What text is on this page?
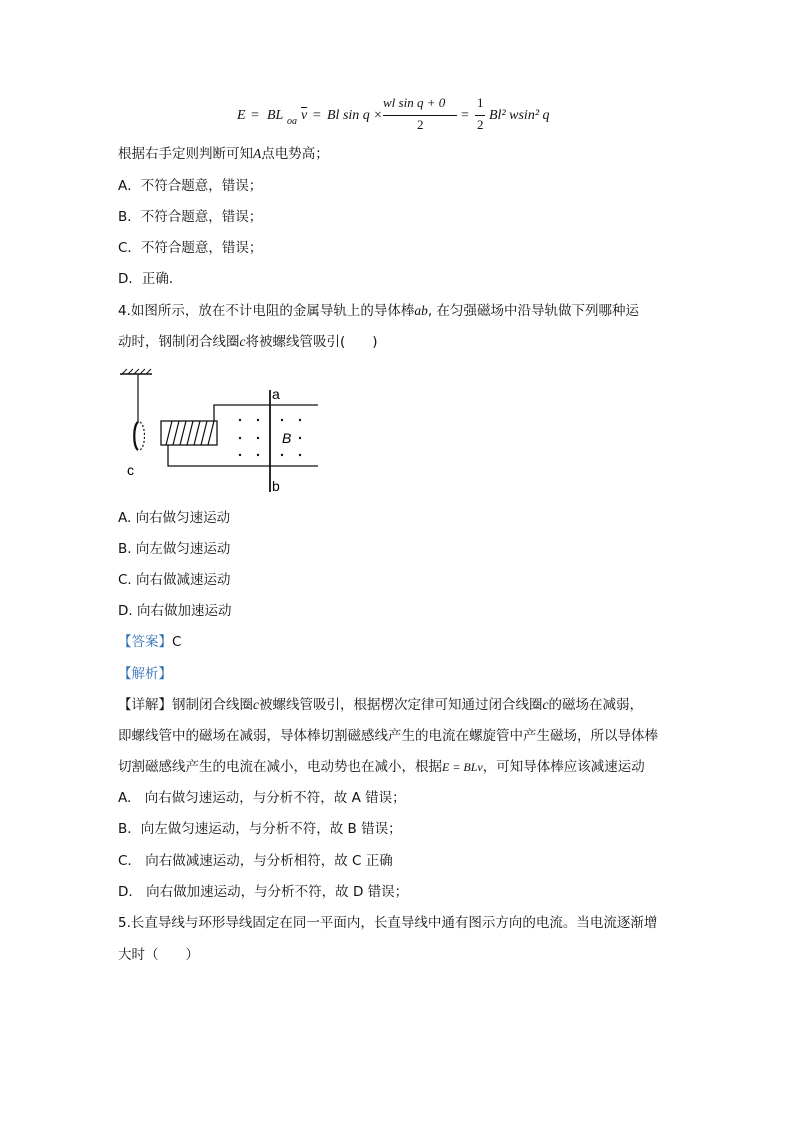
E = BL oa $\overline{v} = Bl$ sin q ×
wl sin q + 0
2
=
1
2
Bl² wsin² q
根据右手定则判断可知A点电势高；
A．不符合题意，错误；
B．不符合题意，错误；
C．不符合题意，错误；
D．正确．
4.如图所示，放在不计电阻的金属导轨上的导体棒ab, 在匀强磁场中沿导轨做下列哪种运
动时，钢制闭合线圈c将被螺线管吸引(　　)
a
b
c
B
A. 向右做匀速运动
B. 向左做匀速运动
C. 向右做减速运动
D. 向右做加速运动
【答案】C
【解析】
【详解】钢制闭合线圈c被螺线管吸引，根据楞次定律可知通过闭合线圈c的磁场在减弱，
即螺线管中的磁场在减弱，导体棒切割磁感线产生的电流在螺旋管中产生磁场，所以导体棒
切割磁感线产生的电流在减小，电动势也在减小，根据E = BLv，可知导体棒应该减速运动
A.　向右做匀速运动，与分析不符，故 A 错误；
B．向左做匀速运动，与分析不符，故 B 错误；
C.　向右做减速运动，与分析相符，故 C 正确
D.　向右做加速运动，与分析不符，故 D 错误；
5.长直导线与环形导线固定在同一平面内，长直导线中通有图示方向的电流。当电流逐渐增
大时（　　）
